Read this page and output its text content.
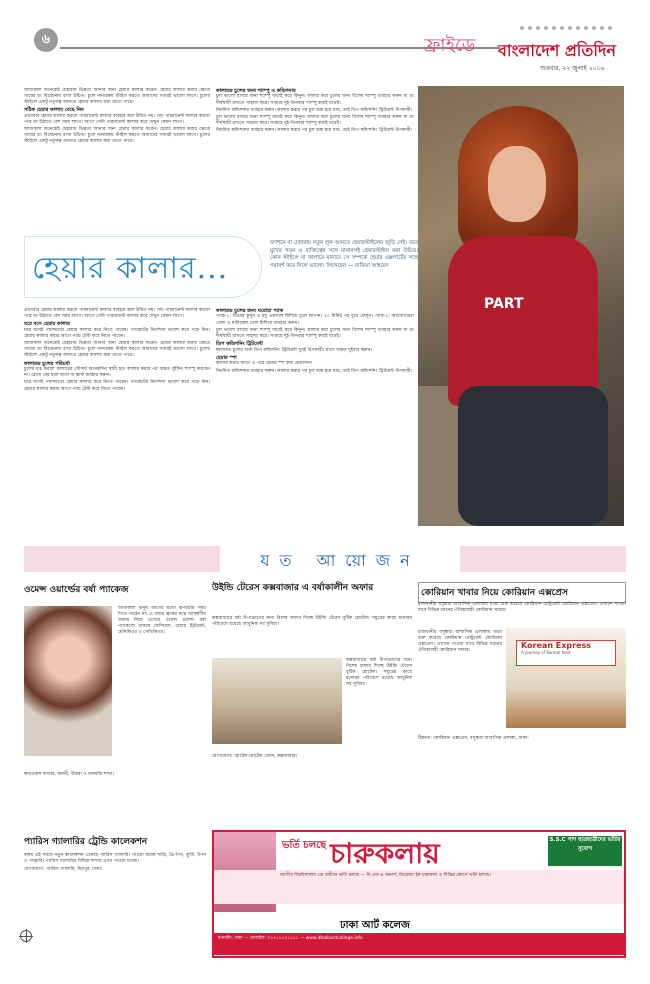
৬	ফ্রাইডে বাংলাদেশ প্রতিদিন
শুক্রবার, ২২ জুলাই ২০১৬

আজকাল অনেকেই চেহারায় ভিন্নতা আনার জন্য হেয়ার কালার করেন। হেয়ার কালার করার ক্ষেত্রে গায়ের রং বিবেচনায় রাখা উচিত। চুলে নানারকম স্টাইল করতে আমাদের সবারই ভালো লাগে। চুলের স্টাইলে একটু নতুনত্ব আনতে হেয়ার কালার করা যেতে পারে।

সঠিক হেয়ার কালার বেছে নিন

প্রথমবার হেয়ার কালার করলে পারমানেন্ট কালার ব্যবহার করা উচিত নয়। গাঢ় পারমানেন্ট কালার করলে পরে তা উঠাতে বেশ সময় লাগে। আগে সেমি পারমানেন্ট কালার করে দেখুন কেমন লাগে।

আজকাল অনেকেই চেহারায় ভিন্নতা আনার জন্য হেয়ার কালার করেন। হেয়ার কালার করার ক্ষেত্রে গায়ের রং বিবেচনায় রাখা উচিত। চুলে নানারকম স্টাইল করতে আমাদের সবারই ভালো লাগে। চুলের স্টাইলে একটু নতুনত্ব আনতে হেয়ার কালার করা যেতে পারে।

কালারড চুলের জন্য শ্যাম্পু ও কন্ডিশনার

চুল ভালো রাখার জন্য শ্যাম্পু যাচাই করে কিনুন। কালার করা চুলের জন্য বিশেষ শ্যাম্পু ব্যবহার করুন যা রং দীর্ঘস্থায়ী রাখতে সাহায্য করে। সপ্তাহে দুই-তিনবার শ্যাম্পু করাই যথেষ্ট।

নিয়মিত কন্ডিশনার ব্যবহার করুন। কালার করার পর চুল শুষ্ক হয়ে যায়, তাই ডিপ কন্ডিশনিং ট্রিটমেন্ট উপকারী।

চুল ভালো রাখার জন্য শ্যাম্পু যাচাই করে কিনুন। কালার করা চুলের জন্য বিশেষ শ্যাম্পু ব্যবহার করুন যা রং দীর্ঘস্থায়ী রাখতে সাহায্য করে। সপ্তাহে দুই-তিনবার শ্যাম্পু করাই যথেষ্ট।

নিয়মিত কন্ডিশনার ব্যবহার করুন। কালার করার পর চুল শুষ্ক হয়ে যায়, তাই ডিপ কন্ডিশনিং ট্রিটমেন্ট উপকারী।

PART
হেয়ার কালার...
ফ্যাশনে বা চেহারায় নতুন লুক আনতে হেয়ারস্টাইলের জুড়ি নেই। তবে মুখের গড়ন ও ব্যক্তিত্বের সঙ্গে মানানসই হেয়ারস্টাইল করা উচিত। কোন স্টাইলে বা কালারে মানাবে সে সম্পর্কে হেয়ার এক্সপার্টের সঙ্গে পরামর্শ করে নিলে ভালো। লিখেছেন — রাফিয়া আহমেদ

প্রথমবার হেয়ার কালার করলে পারমানেন্ট কালার ব্যবহার করা উচিত নয়। গাঢ় পারমানেন্ট কালার করলে পরে তা উঠাতে বেশ সময় লাগে। আগে সেমি পারমানেন্ট কালার করে দেখুন কেমন লাগে।

ঘরে বসে হেয়ার কালার

ঘরে বসেই পছন্দমতো হেয়ার কালার করে নিতে পারেন। প্যাকেটের নির্দেশনা ভালো করে পড়ে নিন। হেয়ার কালার করার আগে প্যাচ টেস্ট করে নিতে পারেন।

আজকাল অনেকেই চেহারায় ভিন্নতা আনার জন্য হেয়ার কালার করেন। হেয়ার কালার করার ক্ষেত্রে গায়ের রং বিবেচনায় রাখা উচিত। চুলে নানারকম স্টাইল করতে আমাদের সবারই ভালো লাগে। চুলের স্টাইলে একটু নতুনত্ব আনতে হেয়ার কালার করা যেতে পারে।

কালারড চুলের পরিচর্যা

চুলের যত্ন করলে কালারের সৌন্দর্য অনেকদিন স্থায়ী হয়। কালার করার পর অন্তত দুইদিন শ্যাম্পু করবেন না। রোদে বের হলে ছাতা বা স্কার্ফ ব্যবহার করুন।

ঘরে বসেই পছন্দমতো হেয়ার কালার করে নিতে পারেন। প্যাকেটের নির্দেশনা ভালো করে পড়ে নিন। হেয়ার কালার করার আগে প্যাচ টেস্ট করে নিতে পারেন।

কালারড চুলের জন্য ঘরোয়া প্যাক

প্যাক-১: ডিমের কুসুম ও মধু একসঙ্গে মিশিয়ে চুলে লাগান। ২০ মিনিট পর ধুয়ে ফেলুন। প্যাক-২: অ্যালোভেরা জেল ও নারিকেল তেল মিশিয়ে ব্যবহার করুন।

চুল ভালো রাখার জন্য শ্যাম্পু যাচাই করে কিনুন। কালার করা চুলের জন্য বিশেষ শ্যাম্পু ব্যবহার করুন যা রং দীর্ঘস্থায়ী রাখতে সাহায্য করে। সপ্তাহে দুই-তিনবার শ্যাম্পু করাই যথেষ্ট।

ডিপ কন্ডিশনিং ট্রিটমেন্ট

কালারড চুলের জন্য ডিপ কন্ডিশনিং ট্রিটমেন্ট খুবই উপকারী। মাসে অন্তত দুইবার করুন।

হেয়ার স্পা

কালার করার আগে ও পরে হেয়ার স্পা করা প্রয়োজন।

নিয়মিত কন্ডিশনার ব্যবহার করুন। কালার করার পর চুল শুষ্ক হয়ে যায়, তাই ডিপ কন্ডিশনিং ট্রিটমেন্ট উপকারী।

যত আয়োজন
ওমেন্স ওয়ার্ল্ডের বর্ষা প্যাকেজ
আজকাল মানুষ আগের মতো রূপচর্চায় সময় দিতে পারেন না। এ সময়ে ত্বকের যত্নে আকর্ষণীয় অফার নিয়ে এসেছে ওমেন্স ওয়ার্ল্ড। বর্ষা প্যাকেজে থাকছে ফেসিয়াল, হেয়ার ট্রিটমেন্ট, মেনিকিওর ও পেডিকিওর।
কারওয়ান বাজার, বনানী, উত্তরা ও ধানমন্ডি শাখা।
উইন্ডি টেরেস কক্সবাজার এ বর্ষাকালীন অফার
কক্সবাজারে বর্ষা উপভোগের জন্য বিশেষ অফার দিচ্ছে উইন্ডি টেরেস বুটিক হোটেল। সমুদ্রের কাছে মনোরম পরিবেশে রয়েছে আধুনিক সব সুবিধা।
কক্সবাজারে বর্ষা উপভোগের জন্য বিশেষ অফার দিচ্ছে উইন্ডি টেরেস বুটিক হোটেল। সমুদ্রের কাছে মনোরম পরিবেশে রয়েছে আধুনিক সব সুবিধা।
যোগাযোগ: হোটেল-মোটেল জোন, কক্সবাজার।
কোরিয়ান খাবার নিয়ে কোরিয়ান এক্সপ্রেস
রাজধানীর বসুন্ধরা আবাসিক এলাকায় যাত্রা শুরু করেছে কোরিয়ান রেস্টুরেন্ট কোরিয়ান এক্সপ্রেস। এখানে পাওয়া যাবে বিভিন্ন ধরনের ঐতিহ্যবাহী কোরিয়ান খাবার।
রাজধানীর বসুন্ধরা আবাসিক এলাকায় যাত্রা শুরু করেছে কোরিয়ান রেস্টুরেন্ট কোরিয়ান এক্সপ্রেস। এখানে পাওয়া যাবে বিভিন্ন ধরনের ঐতিহ্যবাহী কোরিয়ান খাবার।
Korean Express
A journey of Korean food
ঠিকানা: কোরিয়ান এক্সপ্রেস, বসুন্ধরা আবাসিক এলাকা, ঢাকা।
প্যারিস গ্যালারির ট্রেন্ডি কালেকশন
বর্ষায় এই সময়ে নতুন কালেকশন এনেছে প্যারিস গ্যালারি। পাওয়া যাচ্ছে শাড়ি, থ্রি-পিস, কুর্তি, টপস ও পাঞ্জাবি। প্যারিস গ্যালারির বিভিন্ন শাখায় এসব পাওয়া যাচ্ছে।
যোগাযোগ: প্যারিস গ্যালারি, মিরপুর, ঢাকা।
ভর্তি চলছে চারুকলায়	S.S.C পাশ ছাত্রছাত্রীদের ভর্তির সুযোগ
জাতীয় বিশ্ববিদ্যালয় এর অধীনে ভর্তি চলছে — বি.এফ.এ অনার্স, ডিপ্লোমা ইন চারুকলা ও বিভিন্ন কোর্সে ভর্তি চলছে।
ঢাকা আর্ট কলেজ
ধানমন্ডি, ঢাকা — মোবাইল: ০১৭১১১২১১১১ — www.dhakaartcollege.info
